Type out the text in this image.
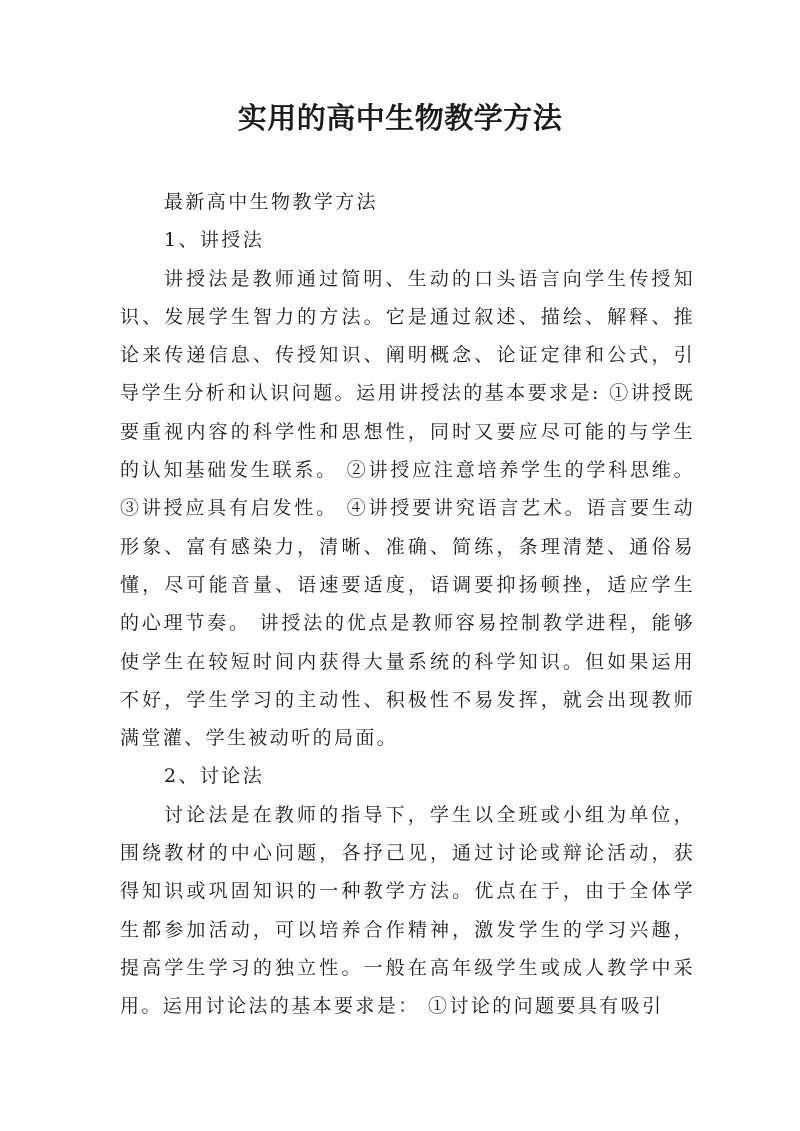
实用的高中生物教学方法

最新高中生物教学方法

1、讲授法

讲授法是教师通过简明、生动的口头语言向学生传授知识、发展学生智力的方法。它是通过叙述、描绘、解释、推论来传递信息、传授知识、阐明概念、论证定律和公式，引导学生分析和认识问题。运用讲授法的基本要求是: ①讲授既要重视内容的科学性和思想性，同时又要应尽可能的与学生的认知基础发生联系。 ②讲授应注意培养学生的学科思维。 ③讲授应具有启发性。 ④讲授要讲究语言艺术。语言要生动形象、富有感染力，清晰、准确、简练，条理清楚、通俗易懂，尽可能音量、语速要适度，语调要抑扬顿挫，适应学生的心理节奏。 讲授法的优点是教师容易控制教学进程，能够使学生在较短时间内获得大量系统的科学知识。但如果运用不好，学生学习的主动性、积极性不易发挥，就会出现教师满堂灌、学生被动听的局面。

2、讨论法

讨论法是在教师的指导下，学生以全班或小组为单位，围绕教材的中心问题，各抒己见，通过讨论或辩论活动，获得知识或巩固知识的一种教学方法。优点在于，由于全体学生都参加活动，可以培养合作精神，激发学生的学习兴趣，提高学生学习的独立性。一般在高年级学生或成人教学中采用。运用讨论法的基本要求是： ①讨论的问题要具有吸引
